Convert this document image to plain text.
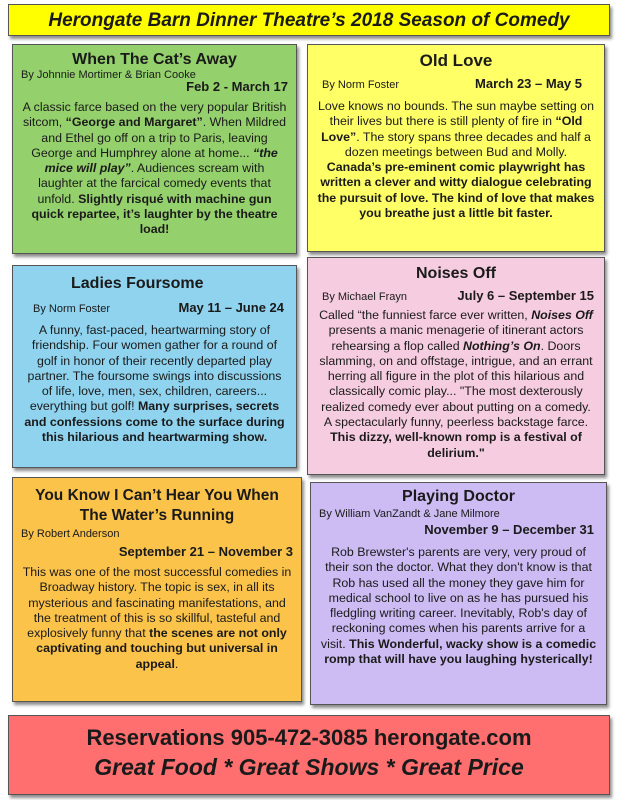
Herongate Barn Dinner Theatre’s 2018 Season of Comedy
When The Cat’s Away
By Johnnie Mortimer & Brian Cooke
Feb 2 - March 17

A classic farce based on the very popular British sitcom, “George and Margaret”. When Mildred and Ethel go off on a trip to Paris, leaving George and Humphrey alone at home... “the mice will play”. Audiences scream with laughter at the farcical comedy events that unfold. Slightly risqué with machine gun quick repartee, it’s laughter by the theatre load!

Old Love
By Norm Foster	March 23 – May 5

Love knows no bounds. The sun maybe setting on their lives but there is still plenty of fire in “Old Love”. The story spans three decades and half a dozen meetings between Bud and Molly. Canada’s pre-eminent comic playwright has written a clever and witty dialogue celebrating the pursuit of love. The kind of love that makes you breathe just a little bit faster.

Ladies Foursome
By Norm Foster	May 11 – June 24

A funny, fast-paced, heartwarming story of friendship. Four women gather for a round of golf in honor of their recently departed play partner. The foursome swings into discussions of life, love, men, sex, children, careers... everything but golf! Many surprises, secrets and confessions come to the surface during this hilarious and heartwarming show.

Noises Off
By Michael Frayn	July 6 – September 15

Called “the funniest farce ever written, Noises Off presents a manic menagerie of itinerant actors rehearsing a flop called Nothing’s On. Doors slamming, on and offstage, intrigue, and an errant herring all figure in the plot of this hilarious and classically comic play... "The most dexterously realized comedy ever about putting on a comedy. A spectacularly funny, peerless backstage farce. This dizzy, well-known romp is a festival of delirium."

You Know I Can’t Hear You When The Water’s Running
By Robert Anderson
September 21 – November 3

This was one of the most successful comedies in Broadway history. The topic is sex, in all its mysterious and fascinating manifestations, and the treatment of this is so skillful, tasteful and explosively funny that the scenes are not only captivating and touching but universal in appeal.

Playing Doctor
By William VanZandt & Jane Milmore
November 9 – December 31

Rob Brewster's parents are very, very proud of their son the doctor. What they don't know is that Rob has used all the money they gave him for medical school to live on as he has pursued his fledgling writing career. Inevitably, Rob's day of reckoning comes when his parents arrive for a visit. This Wonderful, wacky show is a comedic romp that will have you laughing hysterically!

Reservations 905-472-3085 herongate.com
Great Food * Great Shows * Great Price
